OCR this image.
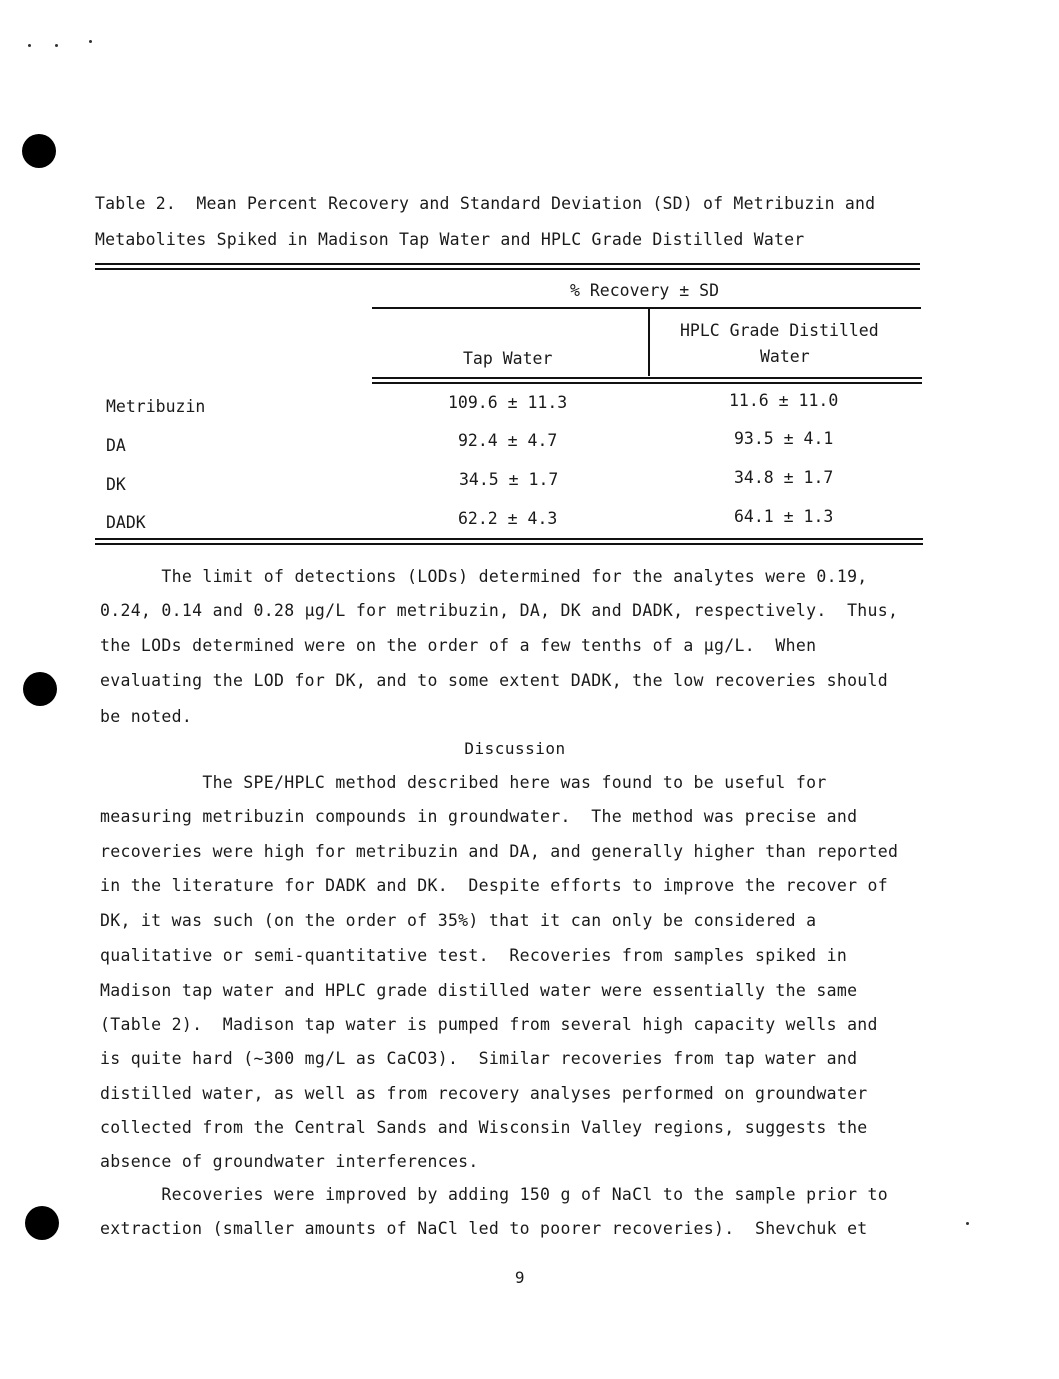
Table 2.  Mean Percent Recovery and Standard Deviation (SD) of Metribuzin and
Metabolites Spiked in Madison Tap Water and HPLC Grade Distilled Water
% Recovery ± SD
Tap Water
HPLC Grade Distilled
Water
Metribuzin	109.6 ± 11.3	11.6 ± 11.0
DA	92.4 ± 4.7	93.5 ± 4.1
DK	34.5 ± 1.7	34.8 ± 1.7
DADK	62.2 ± 4.3	64.1 ± 1.3
The limit of detections (LODs) determined for the analytes were 0.19,
0.24, 0.14 and 0.28 µg/L for metribuzin, DA, DK and DADK, respectively.  Thus,
the LODs determined were on the order of a few tenths of a µg/L.  When
evaluating the LOD for DK, and to some extent DADK, the low recoveries should
be noted.
Discussion
The SPE/HPLC method described here was found to be useful for
measuring metribuzin compounds in groundwater.  The method was precise and
recoveries were high for metribuzin and DA, and generally higher than reported
in the literature for DADK and DK.  Despite efforts to improve the recover of
DK, it was such (on the order of 35%) that it can only be considered a
qualitative or semi-quantitative test.  Recoveries from samples spiked in
Madison tap water and HPLC grade distilled water were essentially the same
(Table 2).  Madison tap water is pumped from several high capacity wells and
is quite hard (~300 mg/L as CaCO3).  Similar recoveries from tap water and
distilled water, as well as from recovery analyses performed on groundwater
collected from the Central Sands and Wisconsin Valley regions, suggests the
absence of groundwater interferences.
Recoveries were improved by adding 150 g of NaCl to the sample prior to
extraction (smaller amounts of NaCl led to poorer recoveries).  Shevchuk et
9
